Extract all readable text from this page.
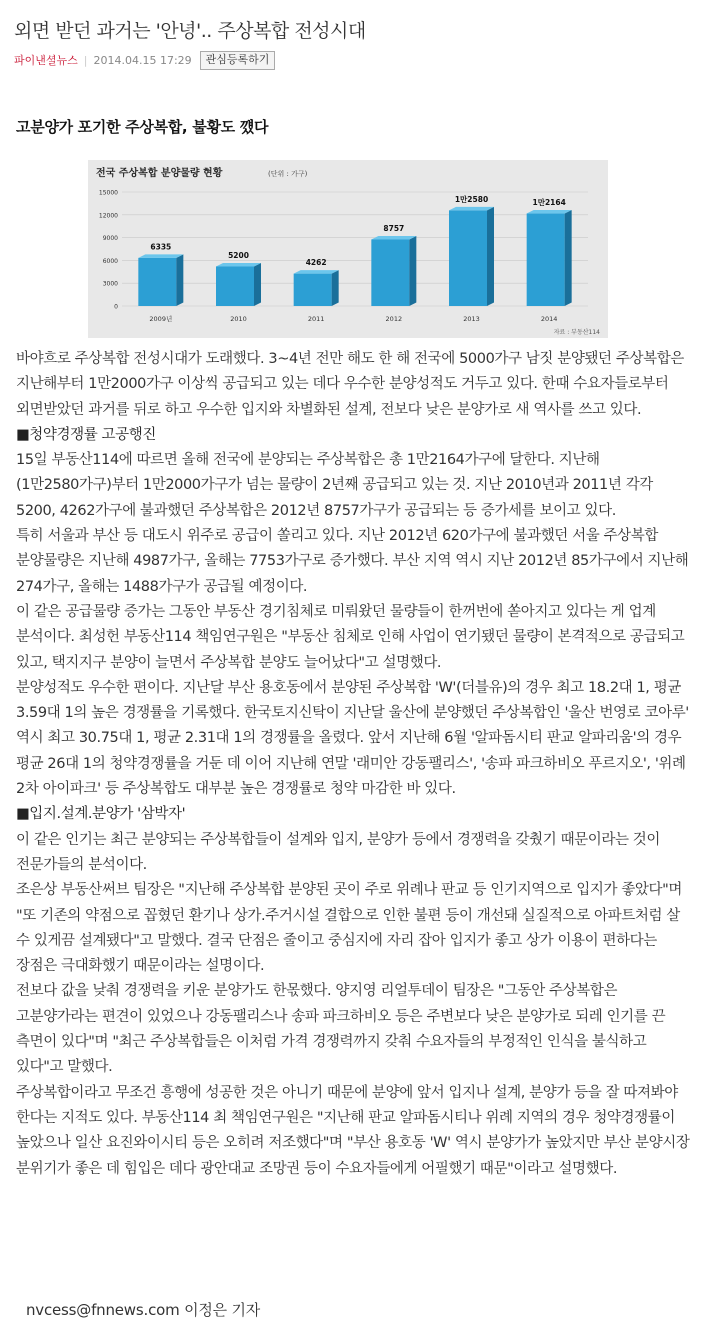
외면 받던 과거는 '안녕'.. 주상복합 전성시대
파이낸셜뉴스 | 2014.04.15 17:29	관심등록하기
고분양가 포기한 주상복합, 불황도 꺴다
전국 주상복합 분양물량 현황	(단위 : 가구)
15000
12000
9000
6000
3000
0
6335
5200
4262
8757
1만2580	1만2164
2009년	2010	2011	2012	2013	2014
자료 : 부동산114

바야흐로 주상복합 전성시대가 도래했다. 3~4년 전만 해도 한 해 전국에 5000가구 남짓 분양됐던 주상복합은 지난해부터 1만2000가구 이상씩 공급되고 있는 데다 우수한 분양성적도 거두고 있다. 한때 수요자들로부터 외면받았던 과거를 뒤로 하고 우수한 입지와 차별화된 설계, 전보다 낮은 분양가로 새 역사를 쓰고 있다.

■청약경쟁률 고공행진

15일 부동산114에 따르면 올해 전국에 분양되는 주상복합은 총 1만2164가구에 달한다. 지난해(1만2580가구)부터 1만2000가구가 넘는 물량이 2년째 공급되고 있는 것. 지난 2010년과 2011년 각각 5200, 4262가구에 불과했던 주상복합은 2012년 8757가구가 공급되는 등 증가세를 보이고 있다.

특히 서울과 부산 등 대도시 위주로 공급이 쏠리고 있다. 지난 2012년 620가구에 불과했던 서울 주상복합 분양물량은 지난해 4987가구, 올해는 7753가구로 증가했다. 부산 지역 역시 지난 2012년 85가구에서 지난해 274가구, 올해는 1488가구가 공급될 예정이다.

이 같은 공급물량 증가는 그동안 부동산 경기침체로 미뤄왔던 물량들이 한꺼번에 쏟아지고 있다는 게 업계 분석이다. 최성헌 부동산114 책임연구원은 "부동산 침체로 인해 사업이 연기됐던 물량이 본격적으로 공급되고 있고, 택지지구 분양이 늘면서 주상복합 분양도 늘어났다"고 설명했다.

분양성적도 우수한 편이다. 지난달 부산 용호동에서 분양된 주상복합 'W'(더블유)의 경우 최고 18.2대 1, 평균 3.59대 1의 높은 경쟁률을 기록했다. 한국토지신탁이 지난달 울산에 분양했던 주상복합인 '울산 번영로 코아루' 역시 최고 30.75대 1, 평균 2.31대 1의 경쟁률을 올렸다. 앞서 지난해 6월 '알파돔시티 판교 알파리움'의 경우 평균 26대 1의 청약경쟁률을 거둔 데 이어 지난해 연말 '래미안 강동팰리스', '송파 파크하비오 푸르지오', '위례 2차 아이파크' 등 주상복합도 대부분 높은 경쟁률로 청약 마감한 바 있다.

■입지.설계.분양가 '삼박자'

이 같은 인기는 최근 분양되는 주상복합들이 설계와 입지, 분양가 등에서 경쟁력을 갖췄기 때문이라는 것이 전문가들의 분석이다.

조은상 부동산써브 팀장은 "지난해 주상복합 분양된 곳이 주로 위례나 판교 등 인기지역으로 입지가 좋았다"며 "또 기존의 약점으로 꼽혔던 환기나 상가.주거시설 결합으로 인한 불편 등이 개선돼 실질적으로 아파트처럼 살 수 있게끔 설계됐다"고 말했다. 결국 단점은 줄이고 중심지에 자리 잡아 입지가 좋고 상가 이용이 편하다는 장점은 극대화했기 때문이라는 설명이다.

전보다 값을 낮춰 경쟁력을 키운 분양가도 한몫했다. 양지영 리얼투데이 팀장은 "그동안 주상복합은 고분양가라는 편견이 있었으나 강동팰리스나 송파 파크하비오 등은 주변보다 낮은 분양가로 되레 인기를 끈 측면이 있다"며 "최근 주상복합들은 이처럼 가격 경쟁력까지 갖춰 수요자들의 부정적인 인식을 불식하고 있다"고 말했다.

주상복합이라고 무조건 흥행에 성공한 것은 아니기 때문에 분양에 앞서 입지나 설계, 분양가 등을 잘 따져봐야 한다는 지적도 있다. 부동산114 최 책임연구원은 "지난해 판교 알파돔시티나 위례 지역의 경우 청약경쟁률이 높았으나 일산 요진와이시티 등은 오히려 저조했다"며 "부산 용호동 'W' 역시 분양가가 높았지만 부산 분양시장 분위기가 좋은 데 힘입은 데다 광안대교 조망권 등이 수요자들에게 어필했기 때문"이라고 설명했다.

nvcess@fnnews.com 이정은 기자
